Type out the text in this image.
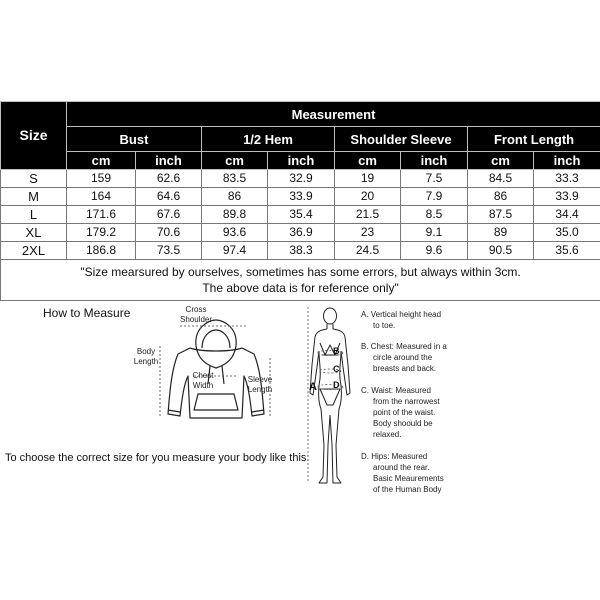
Size	Measurement							
	Bust		1/2 Hem		Shoulder Sleeve		Front Length	
	cm	inch	cm	inch	cm	inch	cm	inch
S	159	62.6	83.5	32.9	19	7.5	84.5	33.3
M	164	64.6	86	33.9	20	7.9	86	33.9
L	171.6	67.6	89.8	35.4	21.5	8.5	87.5	34.4
XL	179.2	70.6	93.6	36.9	23	9.1	89	35.0
2XL	186.8	73.5	97.4	38.3	24.5	9.6	90.5	35.6

"Size mearsured by ourselves, sometimes has some errors, but always within 3cm.
The above data is for reference only"								
How to Measure	Cross
Shoulder
Body
Length
Chest
Width
Sleeve
Length
To choose the correct size for you measure your body like this:
A
B
C
D
A. Vertical height head
to toe.
B. Chest: Measured in a
circle around the
breasts and back.
C. Waist: Measured
from the narrowest
point of the waist.
Body shoould be
relaxed.
D. Hips: Measured
around the rear.
Basic Meaurements
of the Human Body
